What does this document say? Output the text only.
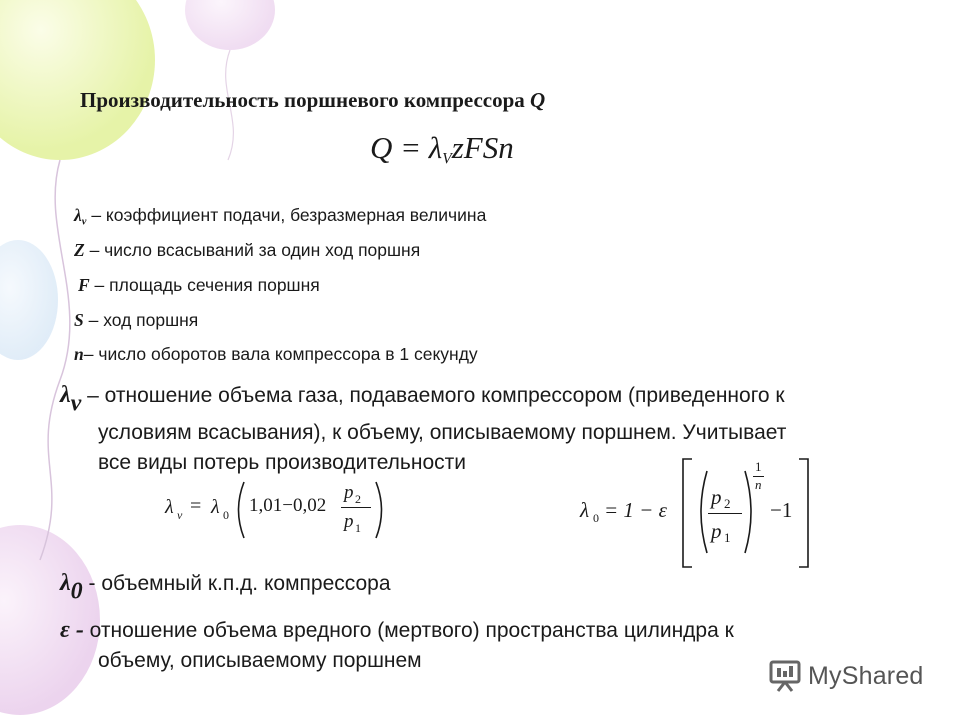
Производительность поршневого компрессора Q
$Q = \lambda_VzFSn$
$\lambda_v$ – коэффициент подачи, безразмерная величина
Z – число всасываний за один ход поршня
F – площадь сечения поршня
S – ход поршня
n– число оборотов вала компрессора в 1 секунду
λv – отношение объема газа, подаваемого компрессором (приведенного к
условиям всасывания), к объему, описываемому поршнем. Учитывает
все виды потерь производительности
λ v = λ 0 1,01−0,02
p 2
p 1
λ 0 = 1 − ε
p 2
p 1
1
n
−1
λ0 - объемный к.п.д. компрессора
ε - отношение объема вредного (мертвого) пространства цилиндра к
объему, описываемому поршнем
MyShared
